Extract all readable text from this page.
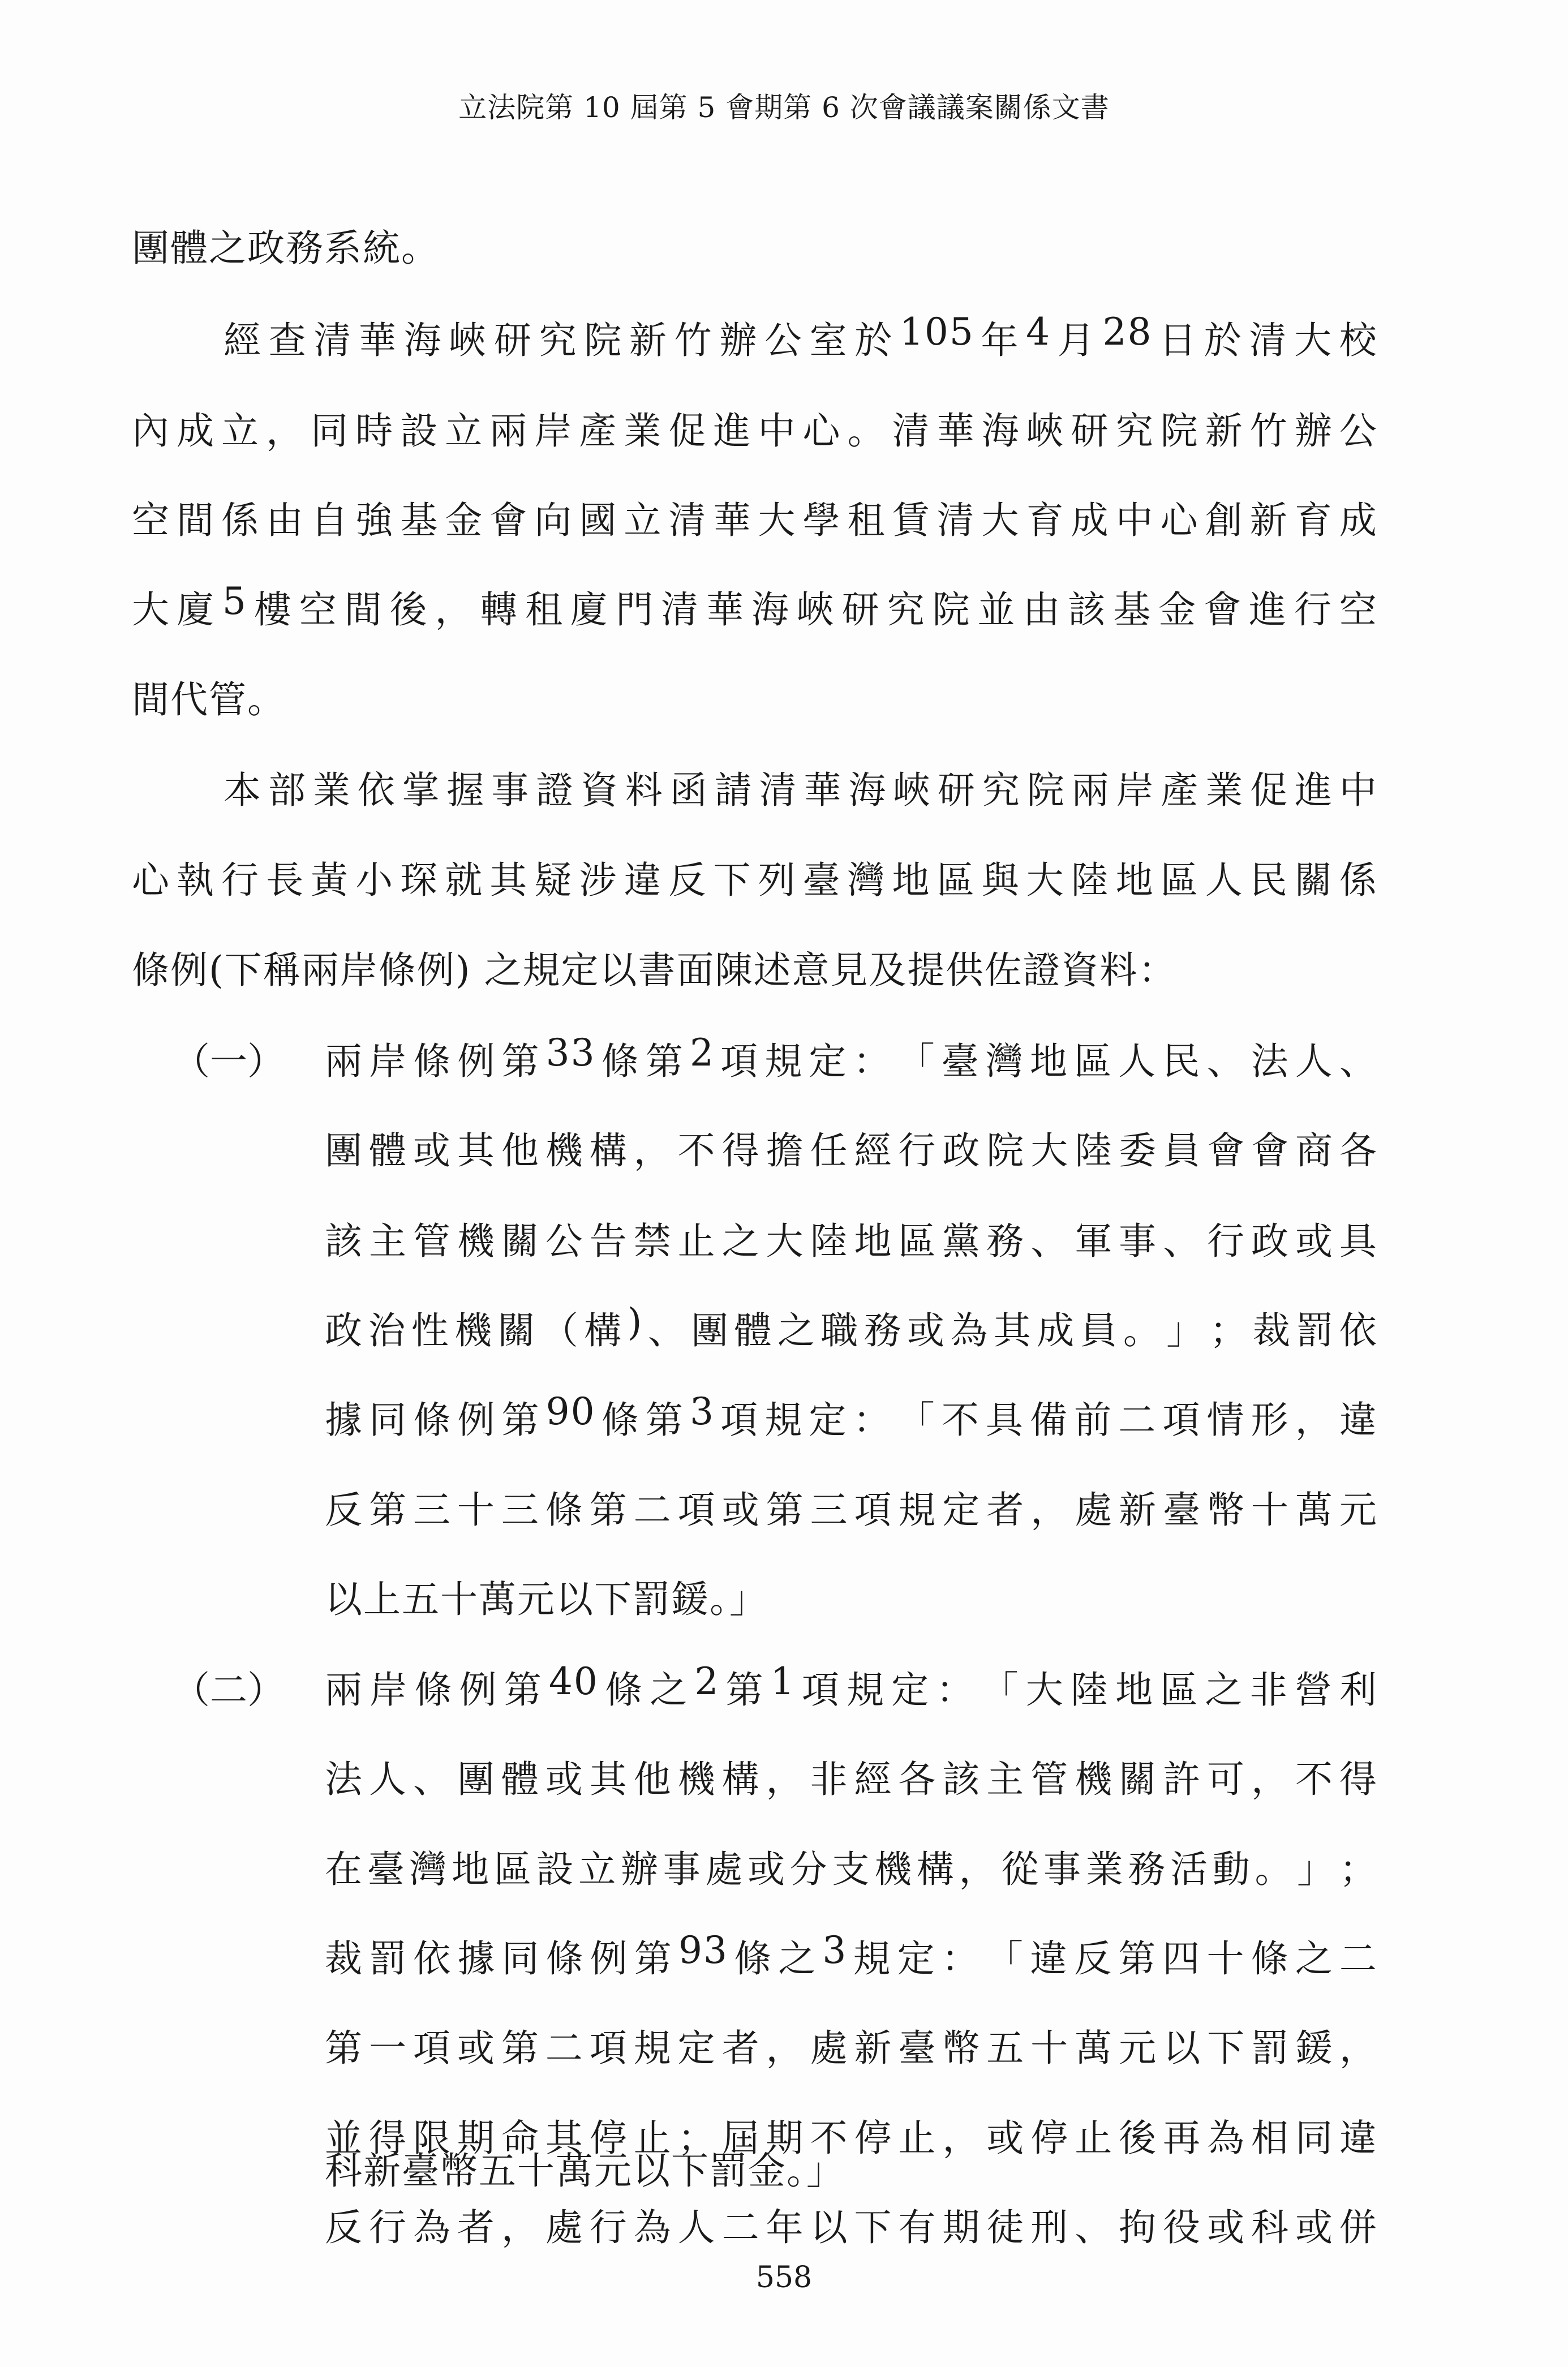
立法院第 10 屆第 5 會期第 6 次會議議案關係文書
團體之政務系統。
經 查 清 華 海 峽 研 究 院 新 竹 辦 公 室 於 105 年 4 月 28 日 於 清 大 校
內 成 立 ， 同 時 設 立 兩 岸 產 業 促 進 中 心 。 清 華 海 峽 研 究 院 新 竹 辦 公
空 間 係 由 自 強 基 金 會 向 國 立 清 華 大 學 租 賃 清 大 育 成 中 心 創 新 育 成
大 廈 5 樓 空 間 後 ， 轉 租 廈 門 清 華 海 峽 研 究 院 並 由 該 基 金 會 進 行 空
間代管。
本 部 業 依 掌 握 事 證 資 料 函 請 清 華 海 峽 研 究 院 兩 岸 產 業 促 進 中
心 執 行 長 黃 小 琛 就 其 疑 涉 違 反 下 列 臺 灣 地 區 與 大 陸 地 區 人 民 關 係
條例(下稱兩岸條例) 之規定以書面陳述意見及提供佐證資料：
（一） 兩 岸 條 例 第 33 條 第 2 項 規 定 ： 「 臺 灣 地 區 人 民 、 法 人 、
團 體 或 其 他 機 構 ， 不 得 擔 任 經 行 政 院 大 陸 委 員 會 會 商 各
該 主 管 機 關 公 告 禁 止 之 大 陸 地 區 黨 務 、 軍 事 、 行 政 或 具
政 治 性 機 關 （ 構 ) 、 團 體 之 職 務 或 為 其 成 員 。 」 ； 裁 罰 依
據 同 條 例 第 90 條 第 3 項 規 定 ： 「 不 具 備 前 二 項 情 形 ， 違
反 第 三 十 三 條 第 二 項 或 第 三 項 規 定 者 ， 處 新 臺 幣 十 萬 元
以上五十萬元以下罰鍰。」
（二） 兩 岸 條 例 第 40 條 之 2 第 1 項 規 定 ： 「 大 陸 地 區 之 非 營 利
法 人 、 團 體 或 其 他 機 構 ， 非 經 各 該 主 管 機 關 許 可 ， 不 得
在 臺 灣 地 區 設 立 辦 事 處 或 分 支 機 構 ， 從 事 業 務 活 動 。 」 ；
裁 罰 依 據 同 條 例 第 93 條 之 3 規 定 ： 「 違 反 第 四 十 條 之 二
第 一 項 或 第 二 項 規 定 者 ， 處 新 臺 幣 五 十 萬 元 以 下 罰 鍰 ，
並 得 限 期 命 其 停 止 ； 屆 期 不 停 止 ， 或 停 止 後 再 為 相 同 違
反 行 為 者 ， 處 行 為 人 二 年 以 下 有 期 徒 刑 、 拘 役 或 科 或 併
科新臺幣五十萬元以下罰金。」
558
